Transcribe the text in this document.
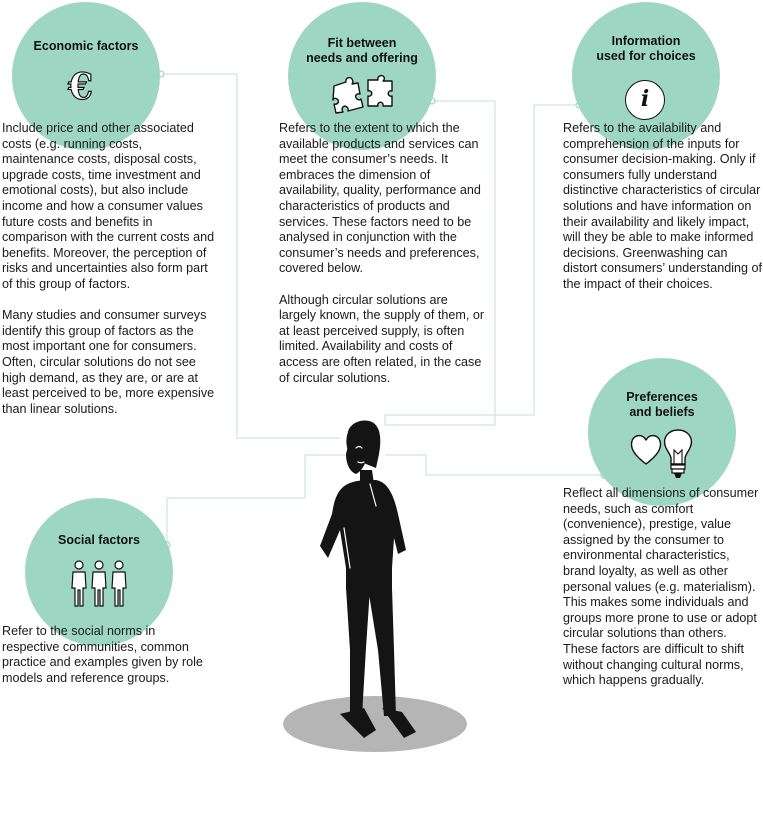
Economic factors
€

Include price and other associated costs (e.g. running costs, maintenance costs, disposal costs, upgrade costs, time investment and emotional costs), but also include income and how a consumer values future costs and benefits in comparison with the current costs and benefits. Moreover, the perception of risks and uncertainties also form part of this group of factors.

Many studies and consumer surveys identify this group of factors as the most important one for consumers. Often, circular solutions do not see high demand, as they are, or are at least perceived to be, more expensive than linear solutions.

Fit between
needs and offering

Refers to the extent to which the available products and services can meet the consumer’s needs. It embraces the dimension of availability, quality, performance and characteristics of products and services. These factors need to be analysed in conjunction with the consumer’s needs and preferences, covered below.

Although circular solutions are largely known, the supply of them, or at least perceived supply, is often limited. Availability and costs of access are often related, in the case of circular solutions.

Information
used for choices
i

Refers to the availability and comprehension of the inputs for consumer decision-making. Only if consumers fully understand distinctive characteristics of circular solutions and have information on their availability and likely impact, will they be able to make informed decisions. Greenwashing can distort consumers’ understanding of the impact of their choices.

Preferences
and beliefs

Reflect all dimensions of consumer needs, such as comfort (convenience), prestige, value assigned by the consumer to environmental characteristics, brand loyalty, as well as other personal values (e.g. materialism). This makes some individuals and groups more prone to use or adopt circular solutions than others. These factors are difficult to shift without changing cultural norms, which happens gradually.

Social factors

Refer to the social norms in respective communities, common practice and examples given by role models and reference groups.
